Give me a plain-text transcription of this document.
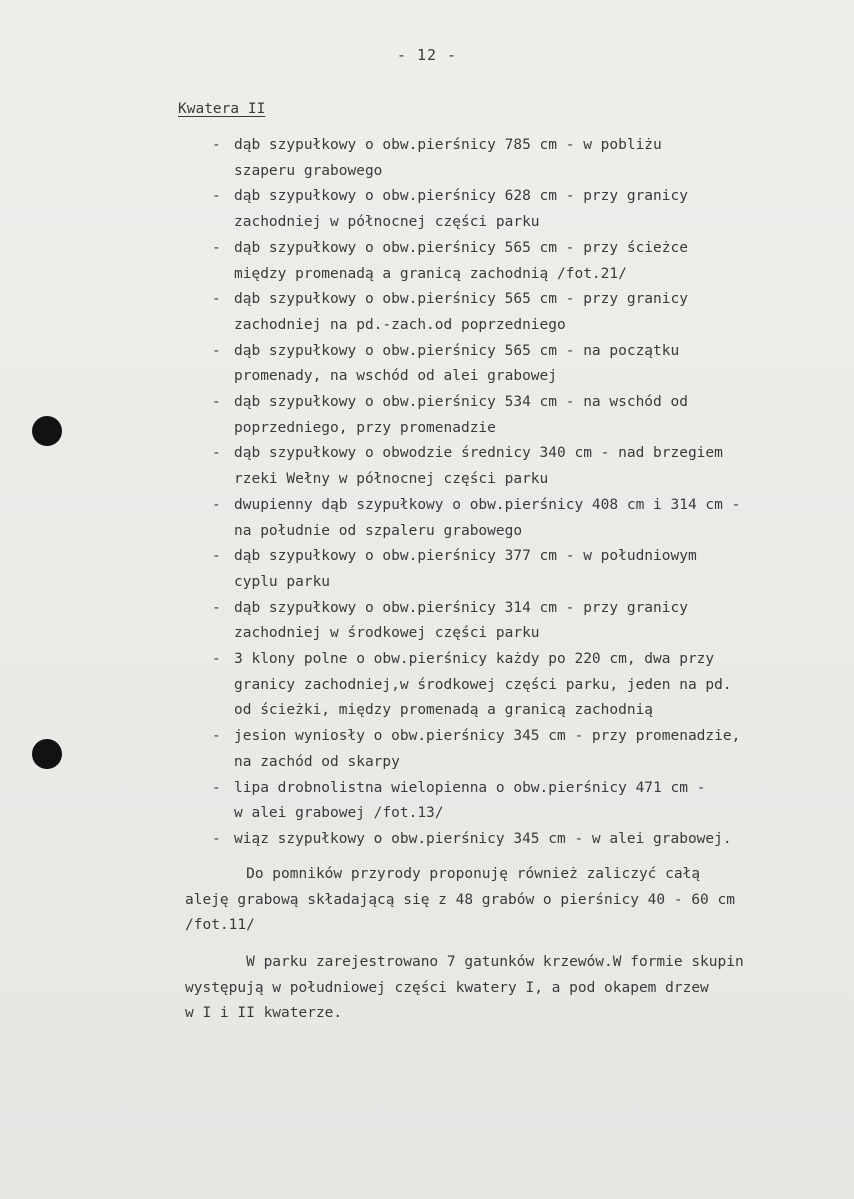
- 12 -
Kwatera II
- dąb szypułkowy o obw.pierśnicy 785 cm - w pobliżu
szaperu grabowego
- dąb szypułkowy o obw.pierśnicy 628 cm - przy granicy
zachodniej w północnej części parku
- dąb szypułkowy o obw.pierśnicy 565 cm - przy ścieżce
między promenadą a granicą zachodnią /fot.21/
- dąb szypułkowy o obw.pierśnicy 565 cm - przy granicy
zachodniej na pd.-zach.od poprzedniego
- dąb szypułkowy o obw.pierśnicy 565 cm - na początku
promenady, na wschód od alei grabowej
- dąb szypułkowy o obw.pierśnicy 534 cm - na wschód od
poprzedniego, przy promenadzie
- dąb szypułkowy o obwodzie średnicy 340 cm - nad brzegiem
rzeki Wełny w północnej części parku
- dwupienny dąb szypułkowy o obw.pierśnicy 408 cm i 314 cm -
na południe od szpaleru grabowego
- dąb szypułkowy o obw.pierśnicy 377 cm - w południowym
cyplu parku
- dąb szypułkowy o obw.pierśnicy 314 cm - przy granicy
zachodniej w środkowej części parku
- 3 klony polne o obw.pierśnicy każdy po 220 cm, dwa przy
granicy zachodniej,w środkowej części parku, jeden na pd.
od ścieżki, między promenadą a granicą zachodnią
- jesion wyniosły o obw.pierśnicy 345 cm - przy promenadzie,
na zachód od skarpy
- lipa drobnolistna wielopienna o obw.pierśnicy 471 cm -
w alei grabowej /fot.13/
- wiąz szypułkowy o obw.pierśnicy 345 cm - w alei grabowej.

Do pomników przyrody proponuję również zaliczyć całą
aleję grabową składającą się z 48 grabów o pierśnicy 40 - 60 cm
/fot.11/

W parku zarejestrowano 7 gatunków krzewów.W formie skupin
występują w południowej części kwatery I, a pod okapem drzew
w I i II kwaterze.
